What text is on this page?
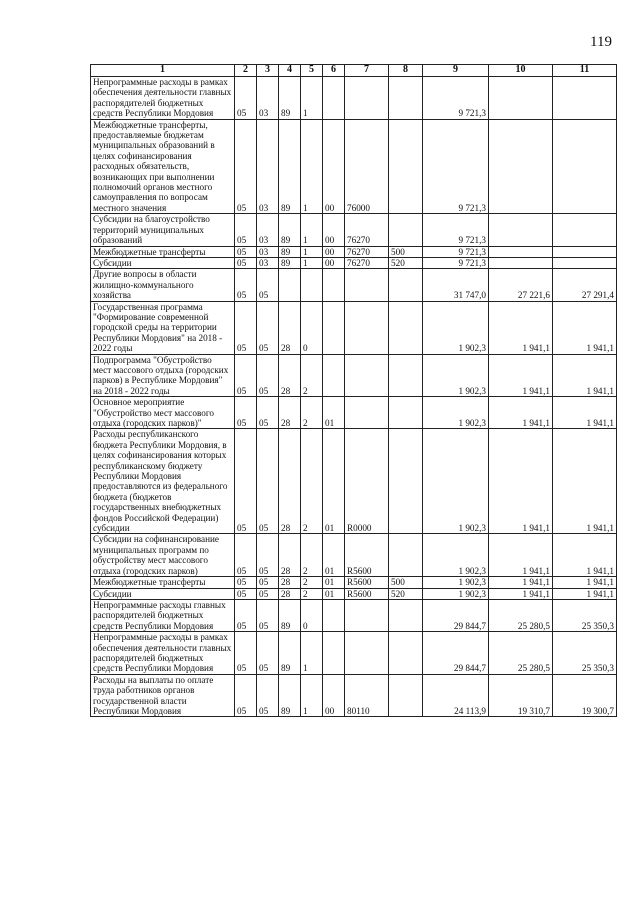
119
1	2	3	4	5	6	7	8	9	10	11
Непрограммные расходы в рамках обеспечения деятельности главных распорядителей бюджетных средств Республики Мордовия	05	03	89	1				9 721,3		
Межбюджетные трансферты, предоставляемые бюджетам муниципальных образований в целях софинансирования расходных обязательств, возникающих при выполнении полномочий органов местного самоуправления по вопросам местного значения	05	03	89	1	00	76000		9 721,3		
Субсидии на благоустройство территорий муниципальных образований	05	03	89	1	00	76270		9 721,3		
Межбюджетные трансферты	05	03	89	1	00	76270	500	9 721,3		
Субсидии	05	03	89	1	00	76270	520	9 721,3		
Другие вопросы в области жилищно-коммунального хозяйства	05	05						31 747,0	27 221,6	27 291,4
Государственная программа "Формирование современной городской среды на территории Республики Мордовия" на 2018 - 2022 годы	05	05	28	0				1 902,3	1 941,1	1 941,1
Подпрограмма "Обустройство мест массового отдыха (городских парков) в Республике Мордовия" на 2018 - 2022 годы	05	05	28	2				1 902,3	1 941,1	1 941,1
Основное мероприятие "Обустройство мест массового отдыха (городских парков)"	05	05	28	2	01			1 902,3	1 941,1	1 941,1
Расходы республиканского бюджета Республики Мордовия, в целях софинансирования которых республиканскому бюджету Республики Мордовия предоставляются из федерального бюджета (бюджетов государственных внебюджетных фондов Российской Федерации) субсидии	05	05	28	2	01	R0000		1 902,3	1 941,1	1 941,1
Субсидии на софинансирование муниципальных программ по обустройству мест массового отдыха (городских парков)	05	05	28	2	01	R5600		1 902,3	1 941,1	1 941,1
Межбюджетные трансферты	05	05	28	2	01	R5600	500	1 902,3	1 941,1	1 941,1
Субсидии	05	05	28	2	01	R5600	520	1 902,3	1 941,1	1 941,1
Непрограммные расходы главных распорядителей бюджетных средств Республики Мордовия	05	05	89	0				29 844,7	25 280,5	25 350,3
Непрограммные расходы в рамках обеспечения деятельности главных распорядителей бюджетных средств Республики Мордовия	05	05	89	1				29 844,7	25 280,5	25 350,3
Расходы на выплаты по оплате труда работников органов государственной власти Республики Мордовия	05	05	89	1	00	80110		24 113,9	19 310,7	19 300,7
